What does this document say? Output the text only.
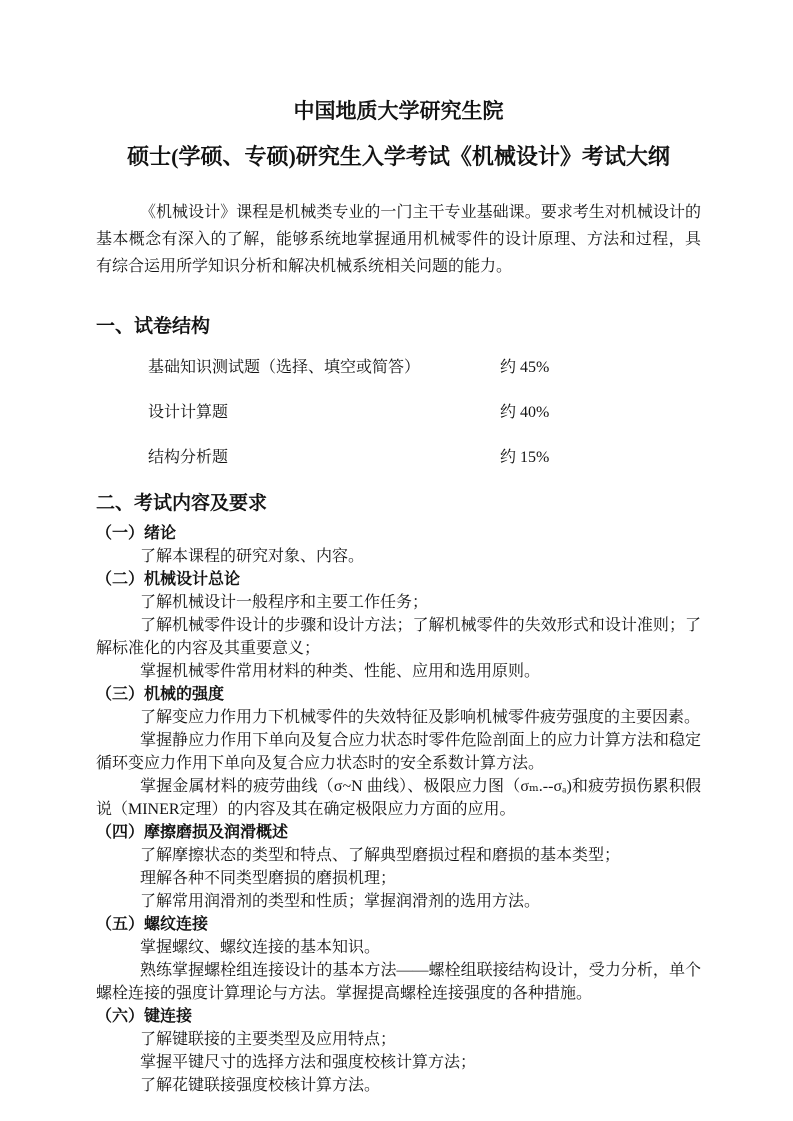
中国地质大学研究生院
硕士(学硕、专硕)研究生入学考试《机械设计》考试大纲

《机械设计》课程是机械类专业的一门主干专业基础课。要求考生对机械设计的基本概念有深入的了解，能够系统地掌握通用机械零件的设计原理、方法和过程，具有综合运用所学知识分析和解决机械系统相关问题的能力。

一、试卷结构
基础知识测试题（选择、填空或简答）	约 45%
设计计算题	约 40%
结构分析题	约 15%
二、考试内容及要求
（一）绪论

了解本课程的研究对象、内容。

（二）机械设计总论

了解机械设计一般程序和主要工作任务；

了解机械零件设计的步骤和设计方法；了解机械零件的失效形式和设计准则；了解标准化的内容及其重要意义；

掌握机械零件常用材料的种类、性能、应用和选用原则。

（三）机械的强度

了解变应力作用力下机械零件的失效特征及影响机械零件疲劳强度的主要因素。

掌握静应力作用下单向及复合应力状态时零件危险剖面上的应力计算方法和稳定循环变应力作用下单向及复合应力状态时的安全系数计算方法。

掌握金属材料的疲劳曲线（σ~N 曲线）、极限应力图（σₘ.--σₐ)和疲劳损伤累积假说（MINER定理）的内容及其在确定极限应力方面的应用。

（四）摩擦磨损及润滑概述

了解摩擦状态的类型和特点、了解典型磨损过程和磨损的基本类型；

理解各种不同类型磨损的磨损机理；

了解常用润滑剂的类型和性质；掌握润滑剂的选用方法。

（五）螺纹连接

掌握螺纹、螺纹连接的基本知识。

熟练掌握螺栓组连接设计的基本方法——螺栓组联接结构设计，受力分析，单个螺栓连接的强度计算理论与方法。掌握提高螺栓连接强度的各种措施。

（六）键连接

了解键联接的主要类型及应用特点；

掌握平键尺寸的选择方法和强度校核计算方法；

了解花键联接强度校核计算方法。
